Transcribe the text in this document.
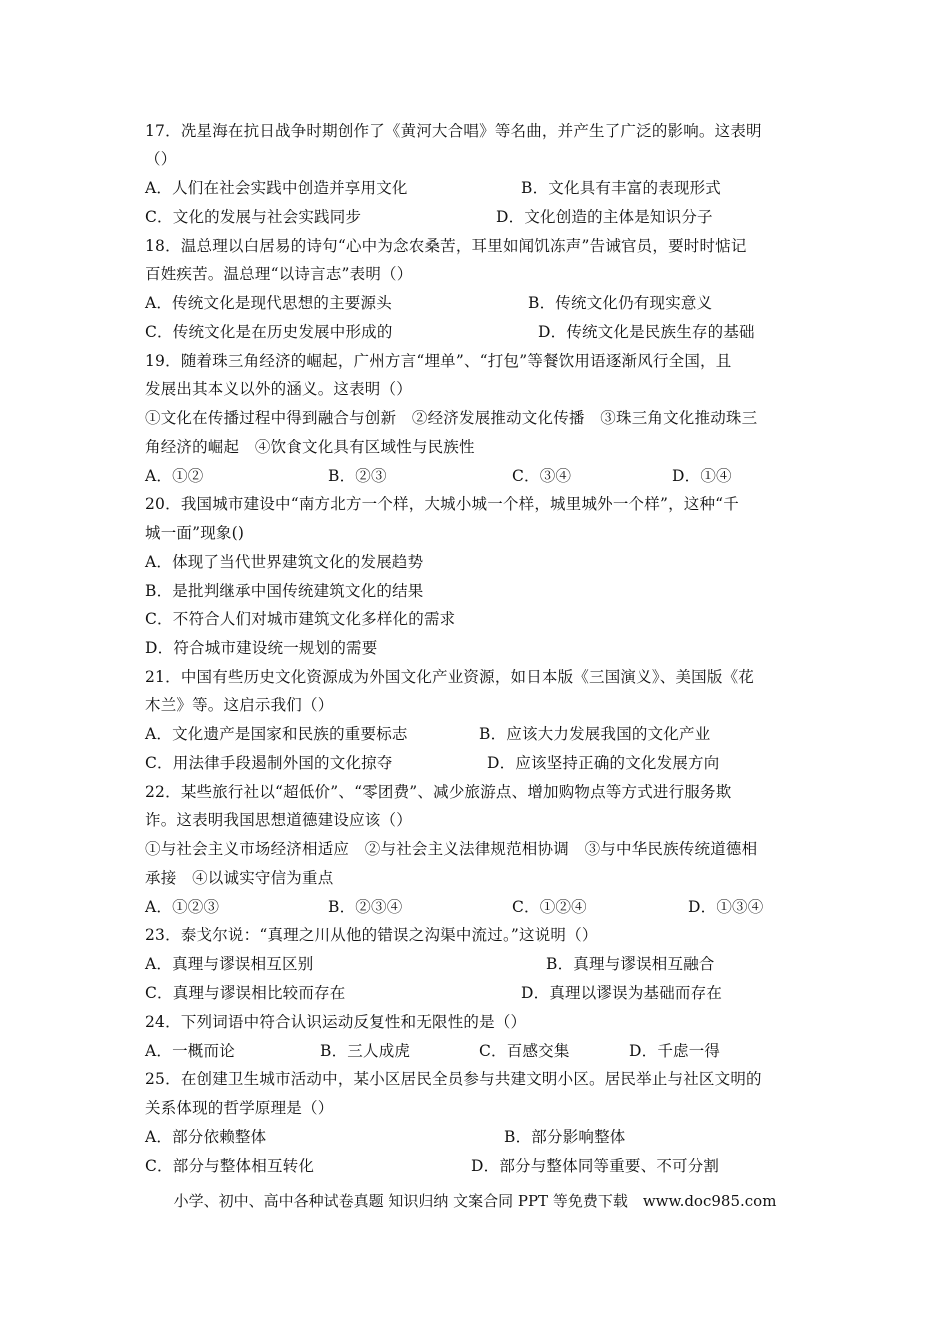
17．冼星海在抗日战争时期创作了《黄河大合唱》等名曲，并产生了广泛的影响。这表明
（）
A．人们在社会实践中创造并享用文化	B．文化具有丰富的表现形式
C．文化的发展与社会实践同步	D．文化创造的主体是知识分子
18．温总理以白居易的诗句“心中为念农桑苦，耳里如闻饥冻声”告诫官员，要时时惦记
百姓疾苦。温总理“以诗言志”表明（）
A．传统文化是现代思想的主要源头	B．传统文化仍有现实意义
C．传统文化是在历史发展中形成的	D．传统文化是民族生存的基础
19．随着珠三角经济的崛起，广州方言“埋单”、“打包”等餐饮用语逐渐风行全国，且
发展出其本义以外的涵义。这表明（）
①文化在传播过程中得到融合与创新　②经济发展推动文化传播　③珠三角文化推动珠三
角经济的崛起　④饮食文化具有区域性与民族性
A．①②	B．②③	C．③④	D．①④
20．我国城市建设中“南方北方一个样，大城小城一个样，城里城外一个样”，这种“千
城一面”现象()
A．体现了当代世界建筑文化的发展趋势
B．是批判继承中国传统建筑文化的结果
C．不符合人们对城市建筑文化多样化的需求
D．符合城市建设统一规划的需要
21．中国有些历史文化资源成为外国文化产业资源，如日本版《三国演义》、美国版《花
木兰》等。这启示我们（）
A．文化遗产是国家和民族的重要标志	B．应该大力发展我国的文化产业
C．用法律手段遏制外国的文化掠夺	D．应该坚持正确的文化发展方向
22．某些旅行社以“超低价”、“零团费”、减少旅游点、增加购物点等方式进行服务欺
诈。这表明我国思想道德建设应该（）
①与社会主义市场经济相适应　②与社会主义法律规范相协调　③与中华民族传统道德相
承接　④以诚实守信为重点
A．①②③	B．②③④	C．①②④	D．①③④
23．泰戈尔说：“真理之川从他的错误之沟渠中流过。”这说明（）
A．真理与谬误相互区别	B．真理与谬误相互融合
C．真理与谬误相比较而存在	D．真理以谬误为基础而存在
24．下列词语中符合认识运动反复性和无限性的是（）
A．一概而论	B．三人成虎	C．百感交集	D．千虑一得
25．在创建卫生城市活动中，某小区居民全员参与共建文明小区。居民举止与社区文明的
关系体现的哲学原理是（）
A．部分依赖整体	B．部分影响整体
C．部分与整体相互转化	D．部分与整体同等重要、不可分割
小学、初中、高中各种试卷真题 知识归纳 文案合同 PPT 等免费下载　www.doc985.com
